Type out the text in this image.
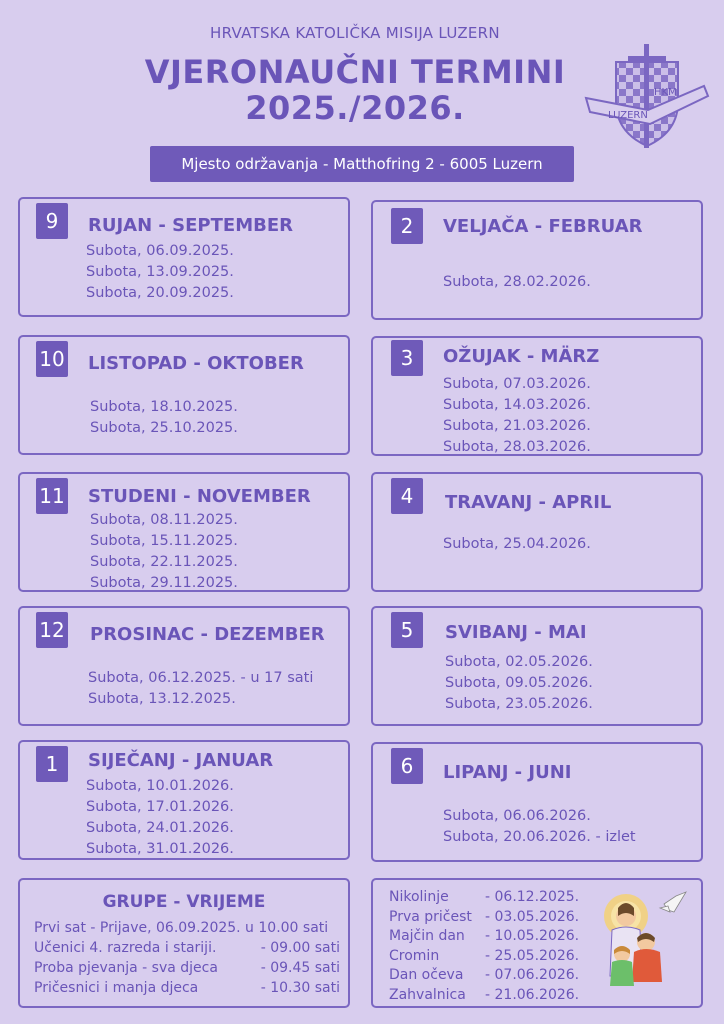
HRVATSKA KATOLIČKA MISIJA LUZERN
VJERONAUČNI TERMINI
2025./2026.	HKM
LUZERN
Mjesto održavanja - Matthofring 2 - 6005 Luzern
9	RUJAN - SEPTEMBER
Subota, 06.09.2025.
Subota, 13.09.2025.
Subota, 20.09.2025.
10 LISTOPAD - OKTOBER
Subota, 18.10.2025.
Subota, 25.10.2025.
11 STUDENI - NOVEMBER
Subota, 08.11.2025.
Subota, 15.11.2025.
Subota, 22.11.2025.
Subota, 29.11.2025.
12 PROSINAC - DEZEMBER
Subota, 06.12.2025. - u 17 sati
Subota, 13.12.2025.
1	SIJEČANJ - JANUAR
Subota, 10.01.2026.
Subota, 17.01.2026.
Subota, 24.01.2026.
Subota, 31.01.2026.
2	VELJAČA - FEBRUAR
Subota, 28.02.2026.
3	OŽUJAK - MÄRZ
Subota, 07.03.2026.
Subota, 14.03.2026.
Subota, 21.03.2026.
Subota, 28.03.2026.
4	TRAVANJ - APRIL
Subota, 25.04.2026.
5	SVIBANJ - MAI
Subota, 02.05.2026.
Subota, 09.05.2026.
Subota, 23.05.2026.
6	LIPANJ - JUNI
Subota, 06.06.2026.
Subota, 20.06.2026. - izlet
GRUPE - VRIJEME
Prvi sat - Prijave, 06.09.2025. u 10.00 sati
Učenici 4. razreda i stariji.	- 09.00 sati
Proba pjevanja - sva djeca	- 09.45 sati
Pričesnici i manja djeca	- 10.30 sati
Nikolinje	- 06.12.2025.
Prva pričest - 03.05.2026.
Majčin dan	- 10.05.2026.
Cromin	- 25.05.2026.
Dan očeva	- 07.06.2026.
Zahvalnica	- 21.06.2026.
